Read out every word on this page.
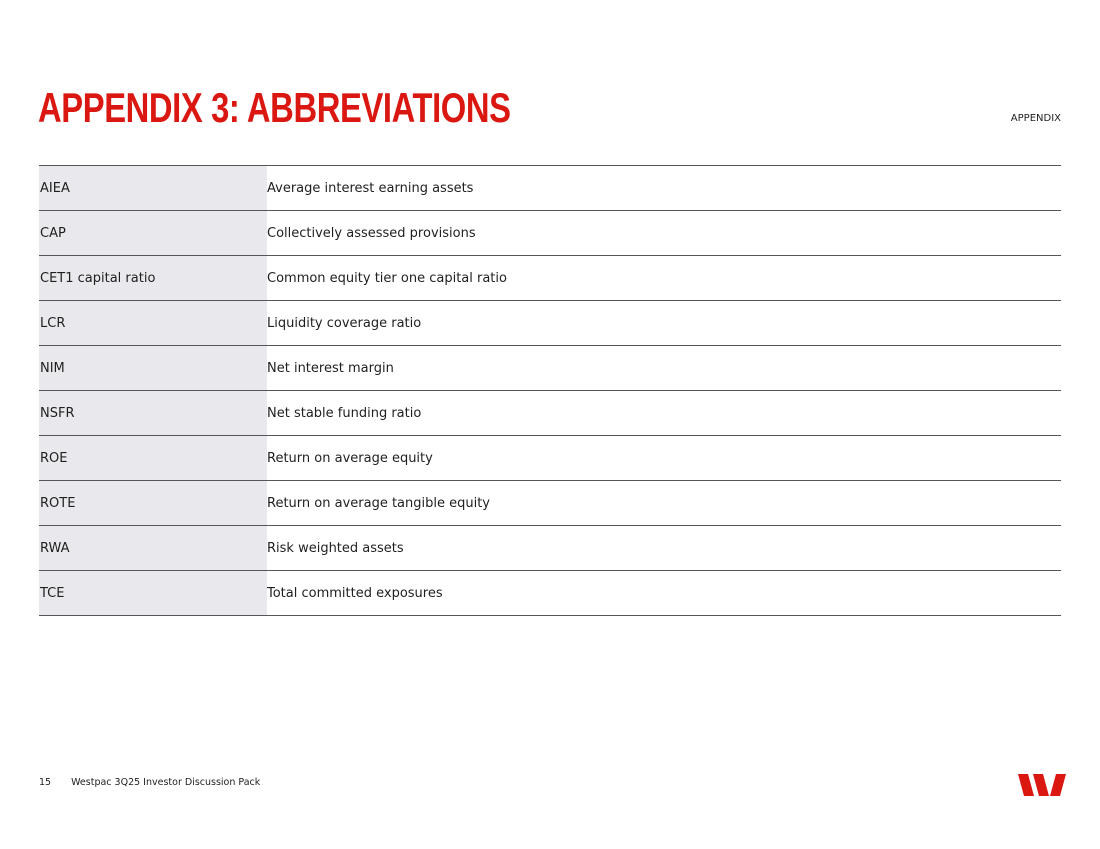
APPENDIX 3: ABBREVIATIONS	APPENDIX
AIEA	Average interest earning assets
CAP	Collectively assessed provisions
CET1 capital ratio	Common equity tier one capital ratio
LCR	Liquidity coverage ratio
NIM	Net interest margin
NSFR	Net stable funding ratio
ROE	Return on average equity
ROTE	Return on average tangible equity
RWA	Risk weighted assets
TCE	Total committed exposures
15 Westpac 3Q25 Investor Discussion Pack
